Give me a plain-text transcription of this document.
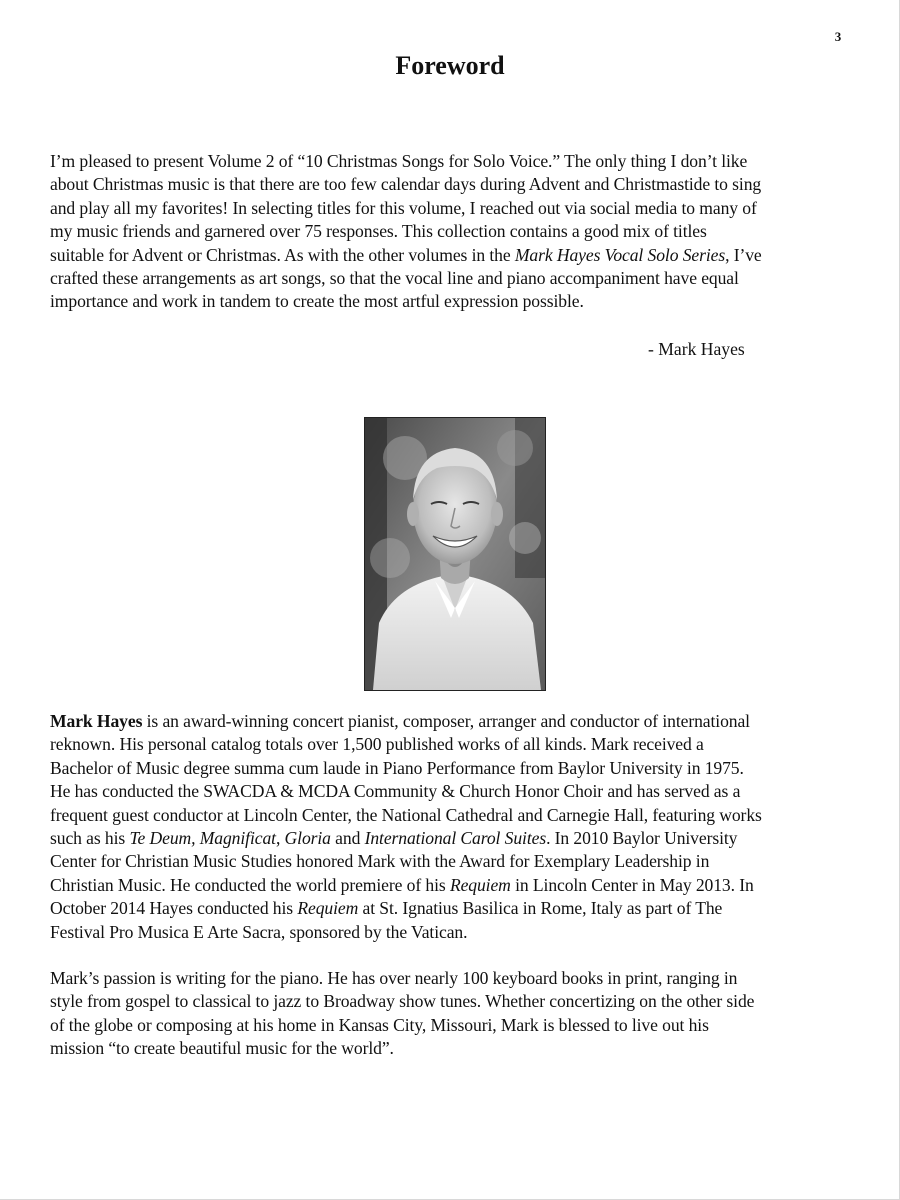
3
Foreword

I’m pleased to present Volume 2 of “10 Christmas Songs for Solo Voice.” The only thing I don’t like
about Christmas music is that there are too few calendar days during Advent and Christmastide to sing
and play all my favorites! In selecting titles for this volume, I reached out via social media to many of
my music friends and garnered over 75 responses. This collection contains a good mix of titles
suitable for Advent or Christmas. As with the other volumes in the Mark Hayes Vocal Solo Series, I’ve
crafted these arrangements as art songs, so that the vocal line and piano accompaniment have equal
importance and work in tandem to create the most artful expression possible.

- Mark Hayes

Mark Hayes is an award-winning concert pianist, composer, arranger and conductor of international
reknown. His personal catalog totals over 1,500 published works of all kinds. Mark received a
Bachelor of Music degree summa cum laude in Piano Performance from Baylor University in 1975.
He has conducted the SWACDA & MCDA Community & Church Honor Choir and has served as a
frequent guest conductor at Lincoln Center, the National Cathedral and Carnegie Hall, featuring works
such as his Te Deum, Magnificat, Gloria and International Carol Suites. In 2010 Baylor University
Center for Christian Music Studies honored Mark with the Award for Exemplary Leadership in
Christian Music. He conducted the world premiere of his Requiem in Lincoln Center in May 2013. In
October 2014 Hayes conducted his Requiem at St. Ignatius Basilica in Rome, Italy as part of The
Festival Pro Musica E Arte Sacra, sponsored by the Vatican.

Mark’s passion is writing for the piano. He has over nearly 100 keyboard books in print, ranging in
style from gospel to classical to jazz to Broadway show tunes. Whether concertizing on the other side
of the globe or composing at his home in Kansas City, Missouri, Mark is blessed to live out his
mission “to create beautiful music for the world”.
